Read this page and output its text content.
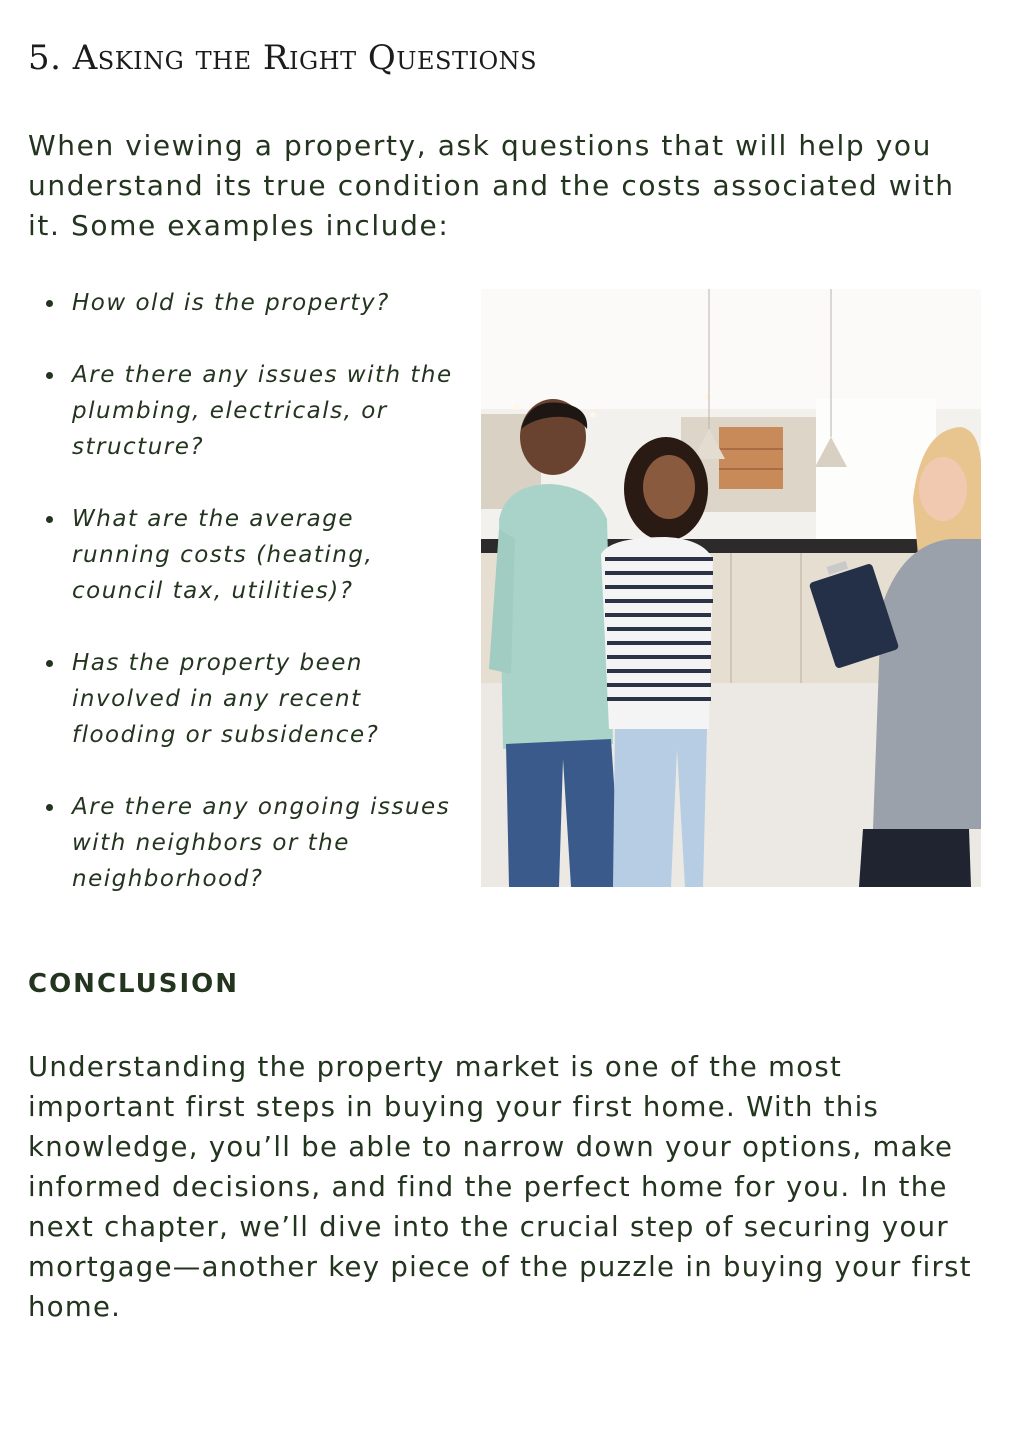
5. Asking the Right Questions

When viewing a property, ask questions that will help you understand its true condition and the costs associated with it. Some examples include:

How old is the property?
Are there any issues with the plumbing, electricals, or structure?
What are the average running costs (heating, council tax, utilities)?
Has the property been involved in any recent flooding or subsidence?
Are there any ongoing issues with neighbors or the neighborhood?
CONCLUSION

Understanding the property market is one of the most important first steps in buying your first home. With this knowledge, you’ll be able to narrow down your options, make informed decisions, and find the perfect home for you. In the next chapter, we’ll dive into the crucial step of securing your mortgage—another key piece of the puzzle in buying your first home.
